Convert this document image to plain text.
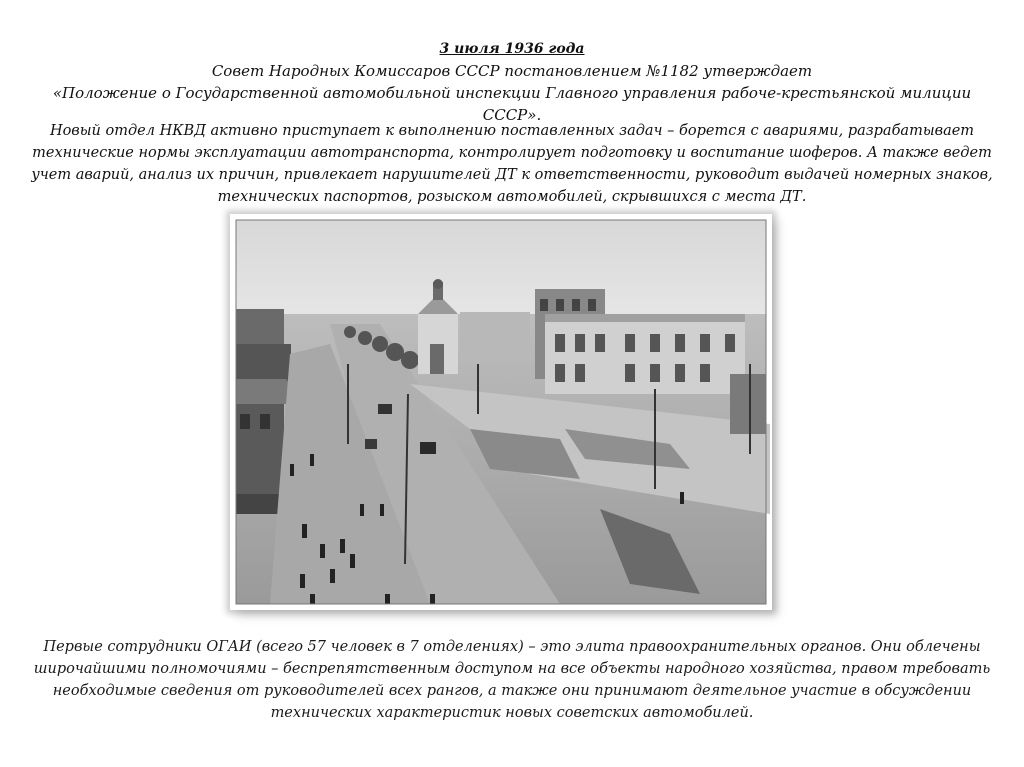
3 июля 1936 года
Совет Народных Комиссаров СССР постановлением №1182 утверждает
«Положение о Государственной автомобильной инспекции Главного управления рабоче-крестьянской милиции СССР».
Новый отдел НКВД активно приступает к выполнению поставленных задач – борется с авариями, разрабатывает технические нормы эксплуатации автотранспорта, контролирует подготовку и воспитание шоферов. А также ведет учет аварий, анализ их причин, привлекает нарушителей ДТ к ответственности, руководит выдачей номерных знаков, технических паспортов, розыском автомобилей, скрывшихся с места ДТ.
Первые сотрудники ОГАИ (всего 57 человек в 7 отделениях) – это элита правоохранительных органов. Они облечены широчайшими полномочиями – беспрепятственным доступом на все объекты народного хозяйства, правом требовать необходимые сведения от руководителей всех рангов, а также они принимают деятельное участие в обсуждении технических характеристик новых советских автомобилей.
